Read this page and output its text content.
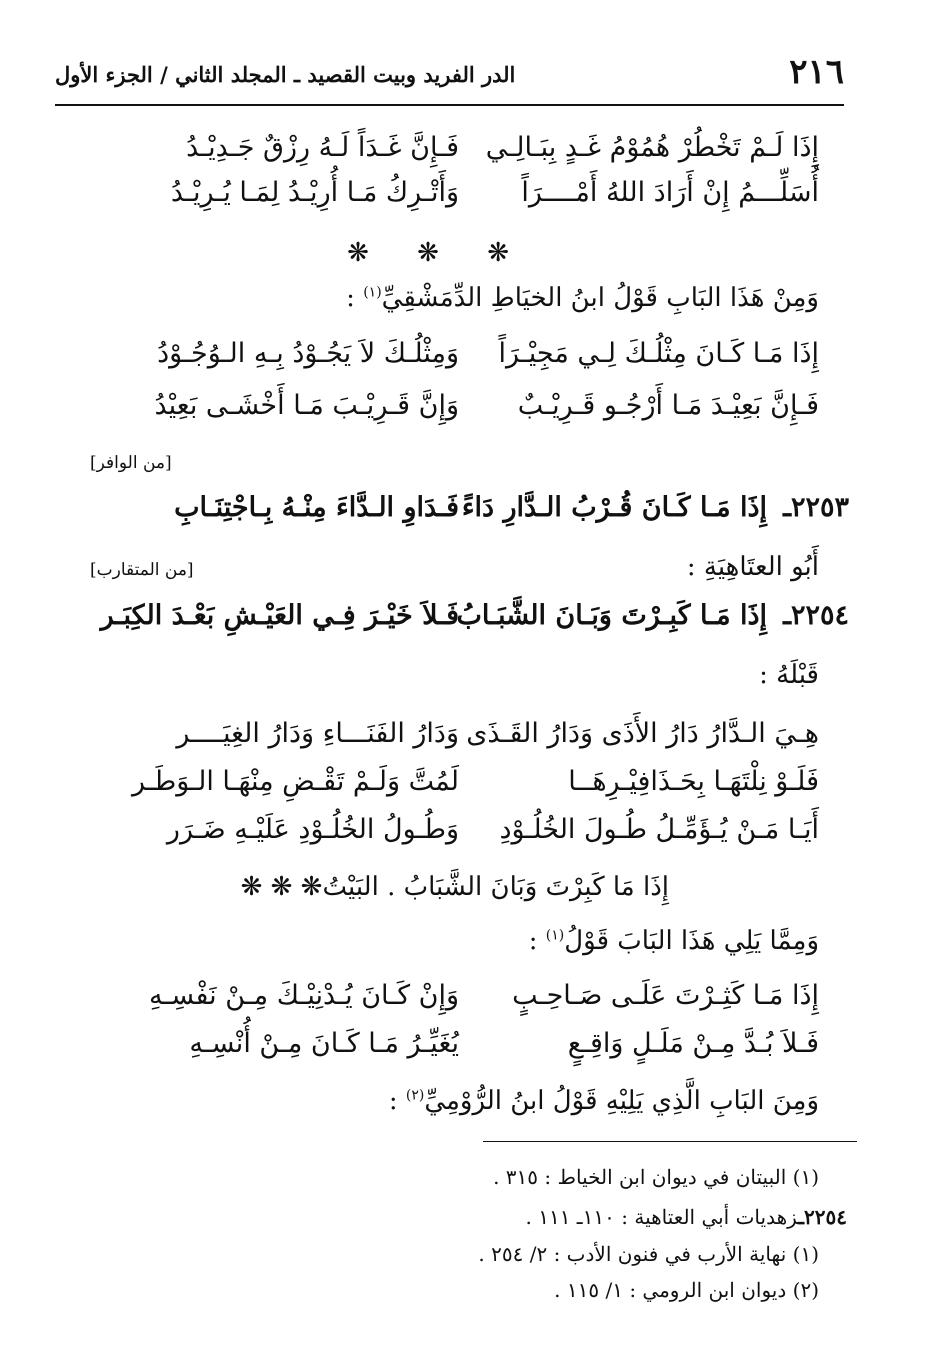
٢١٦
الدر الفريد وبيت القصيد ـ المجلد الثاني / الجزء الأول
إِذَا لَـمْ تَخْطُرْ هُمُوْمُ غَـدٍ بِبَـالِـي
فَـإِنَّ غَـدَاً لَـهُ رِزْقٌ جَـدِيْـدُ
أُسَلِّـــمُ إِنْ أَرَادَ اللهُ أَمْــــرَاً
وَأَتْـرِكُ مَـا أُرِيْـدُ لِمَـا يُـرِيْـدُ
❋ ❋ ❋
وَمِنْ هَذَا البَابِ قَوْلُ ابنُ الخيَاطِ الدِّمَشْقِيِّ$^{(١)}$ :
إِذَا مَـا كَـانَ مِثْلُـكَ لِـي مَجِيْـرَاً
وَمِثْلُـكَ لاَ يَجُـوْدُ بِـهِ الـوُجُـوْدُ
فَـإِنَّ بَعِيْـدَ مَـا أَرْجُـو قَـرِيْـبٌ
وَإِنَّ قَـرِيْـبَ مَـا أَخْشَـى بَعِيْدُ
[من الوافر]
٢٢٥٣ـ
إِذَا مَـا كَـانَ قُـرْبُ الـدَّارِ دَاءً
فَـدَاوِ الـدَّاءَ مِنْـهُ بِـاجْتِنَـابِ
أَبُو العتَاهِيَةِ :
[من المتقارب]
٢٢٥٤ـ
إِذَا مَـا كَبِـرْتَ وَبَـانَ الشَّبَـابُ
فَـلاَ خَيْـرَ فِـي العَيْـشِ بَعْـدَ الكِبَـر
قَبْلَهُ :
هِـيَ الـدَّارُ دَارُ الأَذَى وَدَارُ القَـذَى
وَدَارُ الفَنَـــاءِ وَدَارُ الغِيَــــر
فَلَـوْ نِلْتَهَـا بِحَـذَافِيْـرِهَــا
لَمُتَّ وَلَـمْ تَقْـضِ مِنْهَـا الـوَطَـر
أَيَـا مَـنْ يُـؤَمِّـلُ طُـولَ الخُلُـوْدِ
وَطُـولُ الخُلُـوْدِ عَلَيْـهِ ضَـرَر
إِذَا مَا كَبِرْتَ وَبَانَ الشَّبَابُ . البَيْتُ❋ ❋ ❋
وَمِمَّا يَلِي هَذَا البَابَ قَوْلُ$^{(١)}$ :
إِذَا مَـا كَثِـرْتَ عَلَـى صَـاحِـبٍ
وَإِنْ كَـانَ يُـدْنِيْـكَ مِـنْ نَفْسِـهِ
فَـلاَ بُـدَّ مِـنْ مَلَـلٍ وَاقِـعٍ
يُغَيِّـرُ مَـا كَـانَ مِـنْ أُنْسِـهِ
وَمِنَ البَابِ الَّذِي يَلِيْهِ قَوْلُ ابنُ الرُّوْمِيِّ$^{(٢)}$ :
(١) البيتان في ديوان ابن الخياط : ٣١٥ .
٢٢٥٤ـزهديات أبي العتاهية : ١١٠ـ ١١١ .
(١) نهاية الأرب في فنون الأدب : ٢/ ٢٥٤ .
(٢) ديوان ابن الرومي : ١/ ١١٥ .
